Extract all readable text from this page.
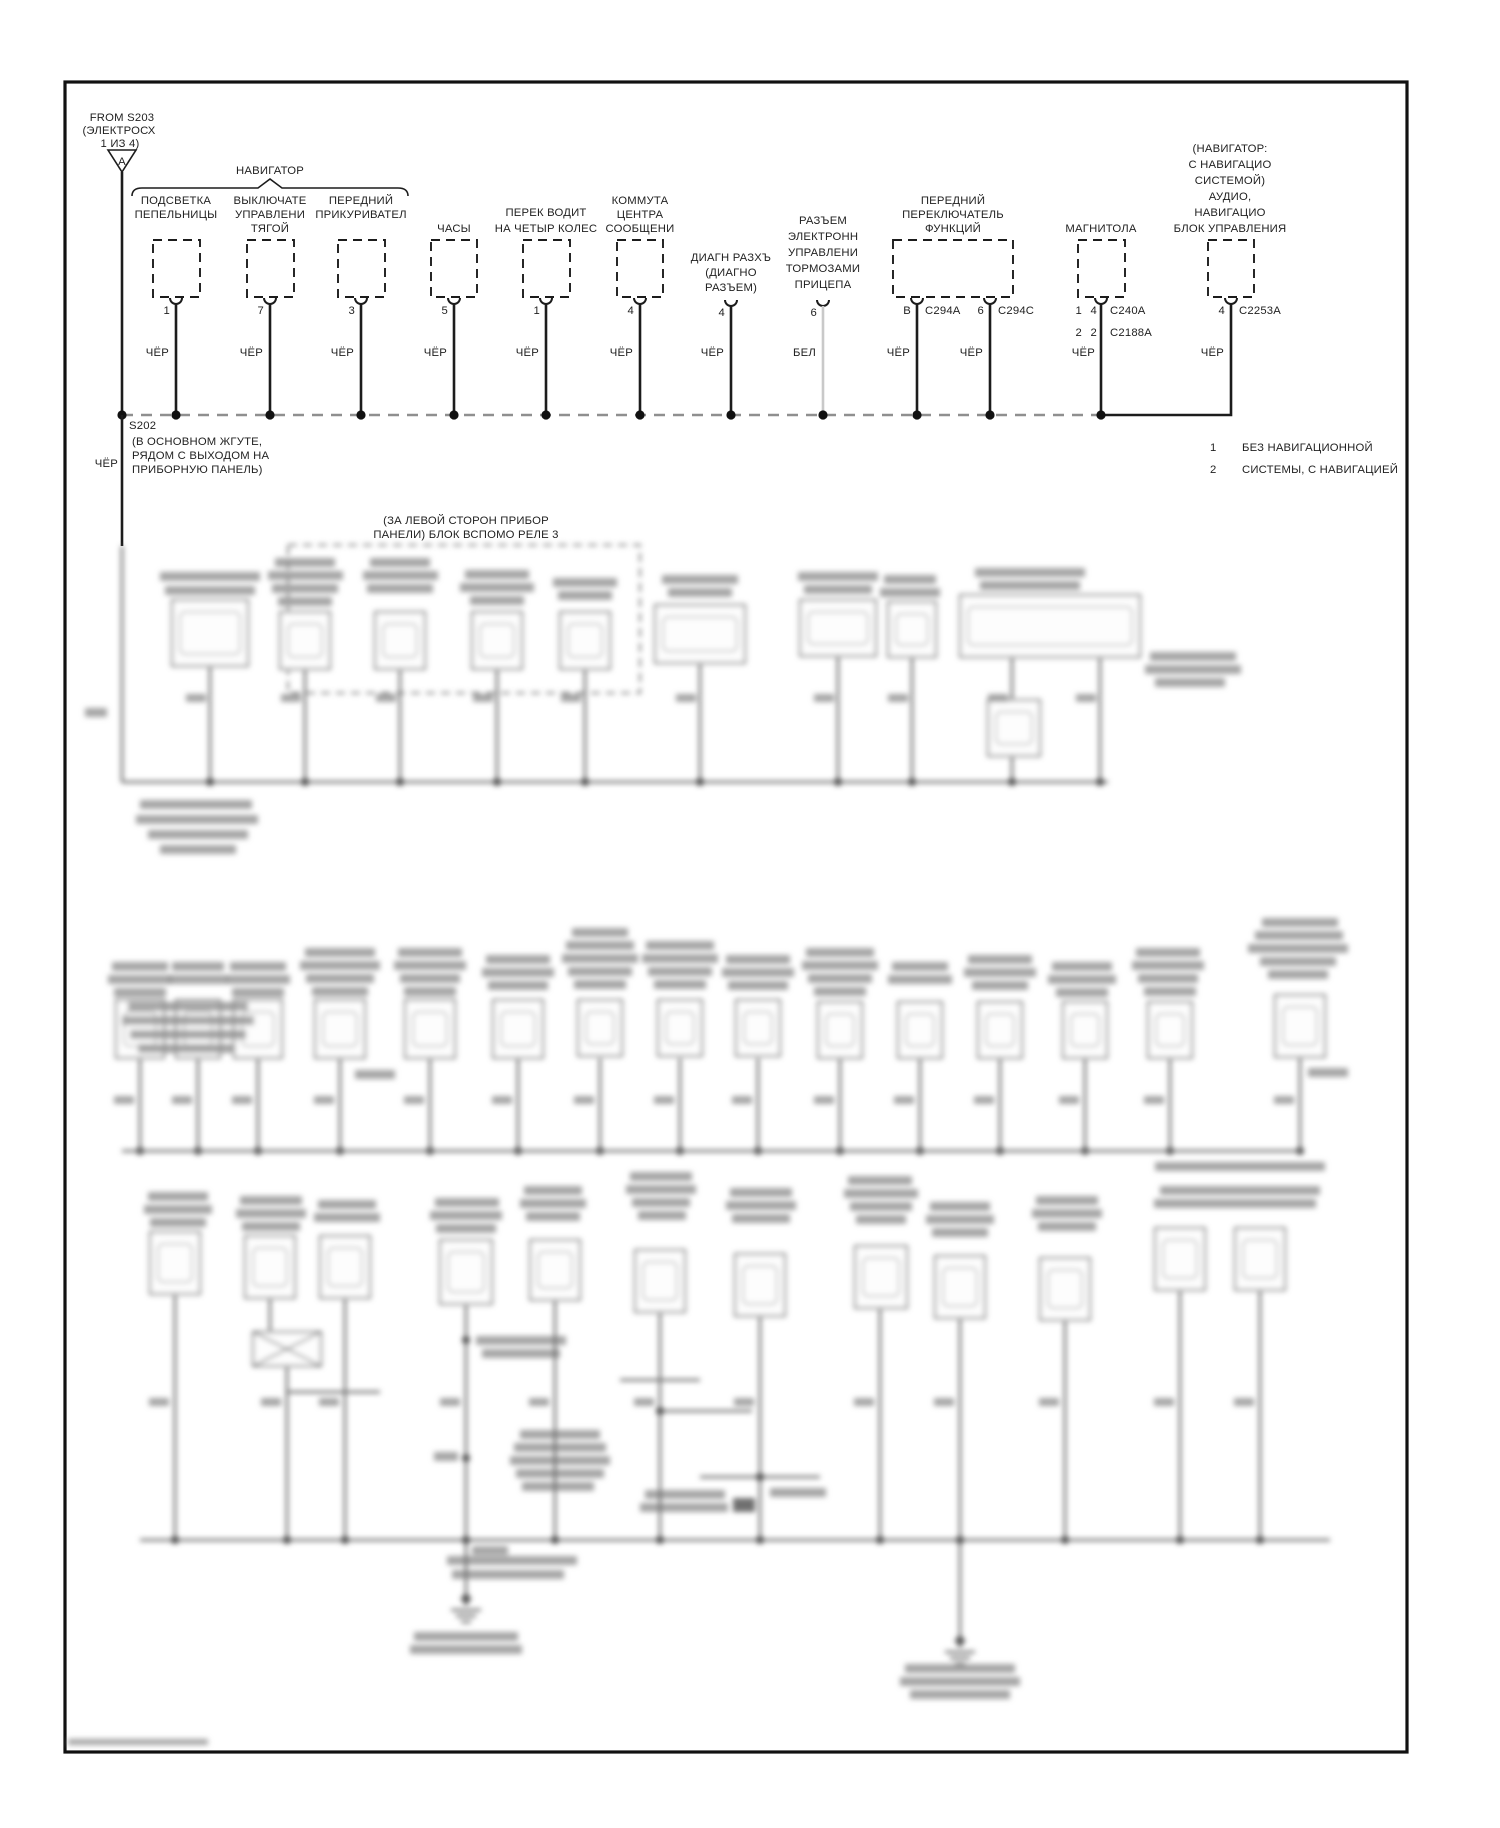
FROM S203
(ЭЛЕКТРОСХ
1 ИЗ 4)
A
НАВИГАТОР
ПОДСВЕТКА
ПЕПЕЛЬНИЦЫ
1
ЧЁР
ВЫКЛЮЧАТЕ
УПРАВЛЕНИ
ТЯГОЙ
7
ЧЁР
ПЕРЕДНИЙ
ПРИКУРИВАТЕЛ
3
ЧЁР
ЧАСЫ
5
ЧЁР
ПЕРЕК ВОДИТ
НА ЧЕТЫР КОЛЕС
1
ЧЁР
КОММУТА
ЦЕНТРА
СООБЩЕНИ
4
ЧЁР
ДИАГН РАЗХЪ
(ДИАГНО
РАЗЪЕМ)
4
ЧЁР
РАЗЪЕМ
ЭЛЕКТРОНН
УПРАВЛЕНИ
ТОРМОЗАМИ
ПРИЦЕПА
6
БЕЛ
ПЕРЕДНИЙ
ПЕРЕКЛЮЧАТЕЛЬ
ФУНКЦИЙ
B C294A 6 C294C
ЧЁР	ЧЁР
МАГНИТОЛА
1 4 C240A
2 2 C2188A
ЧЁР
(НАВИГАТОР:
С НАВИГАЦИО
СИСТЕМОЙ)
АУДИО,
НАВИГАЦИО
БЛОК УПРАВЛЕНИЯ
4 C2253A
ЧЁР
S202
(В ОСНОВНОМ ЖГУТЕ,
РЯДОМ С ВЫХОДОМ НА
ПРИБОРНУЮ ПАНЕЛЬ)
ЧЁР
1 БЕЗ НАВИГАЦИОННОЙ
2 СИСТЕМЫ, С НАВИГАЦИЕЙ
(ЗА ЛЕВОЙ СТОРОН ПРИБОР
ПАНЕЛИ) БЛОК ВСПОМО РЕЛЕ 3
